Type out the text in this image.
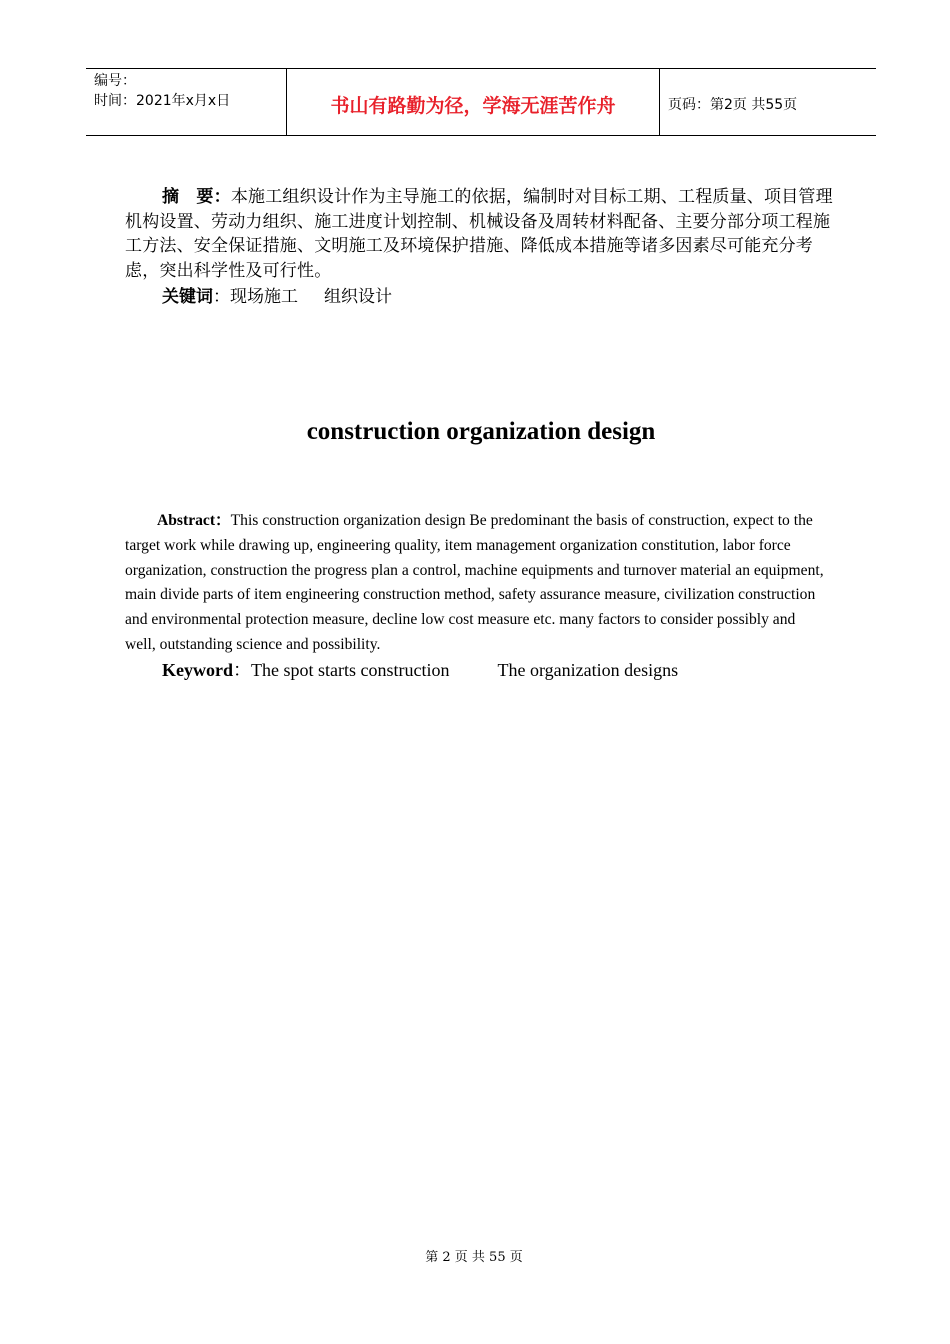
编号：
时间：2021年x月x日	书山有路勤为径，学海无涯苦作舟	页码：第2页 共55页
摘　要：本施工组织设计作为主导施工的依据，编制时对目标工期、工程质量、项目管理机构设置、劳动力组织、施工进度计划控制、机械设备及周转材料配备、主要分部分项工程施工方法、安全保证措施、文明施工及环境保护措施、降低成本措施等诸多因素尽可能充分考虑，突出科学性及可行性。
关键词：现场施工 组织设计
construction organization design
Abstract：This construction organization design Be predominant the basis of construction, expect to the target work while drawing up, engineering quality, item management organization constitution, labor force organization, construction the progress plan a control, machine equipments and turnover material an equipment, main divide parts of item engineering construction method, safety assurance measure, civilization construction and environmental protection measure, decline low cost measure etc. many factors to consider possibly and well, outstanding science and possibility.
Keyword：The spot starts construction	The organization designs
第 2 页 共 55 页
